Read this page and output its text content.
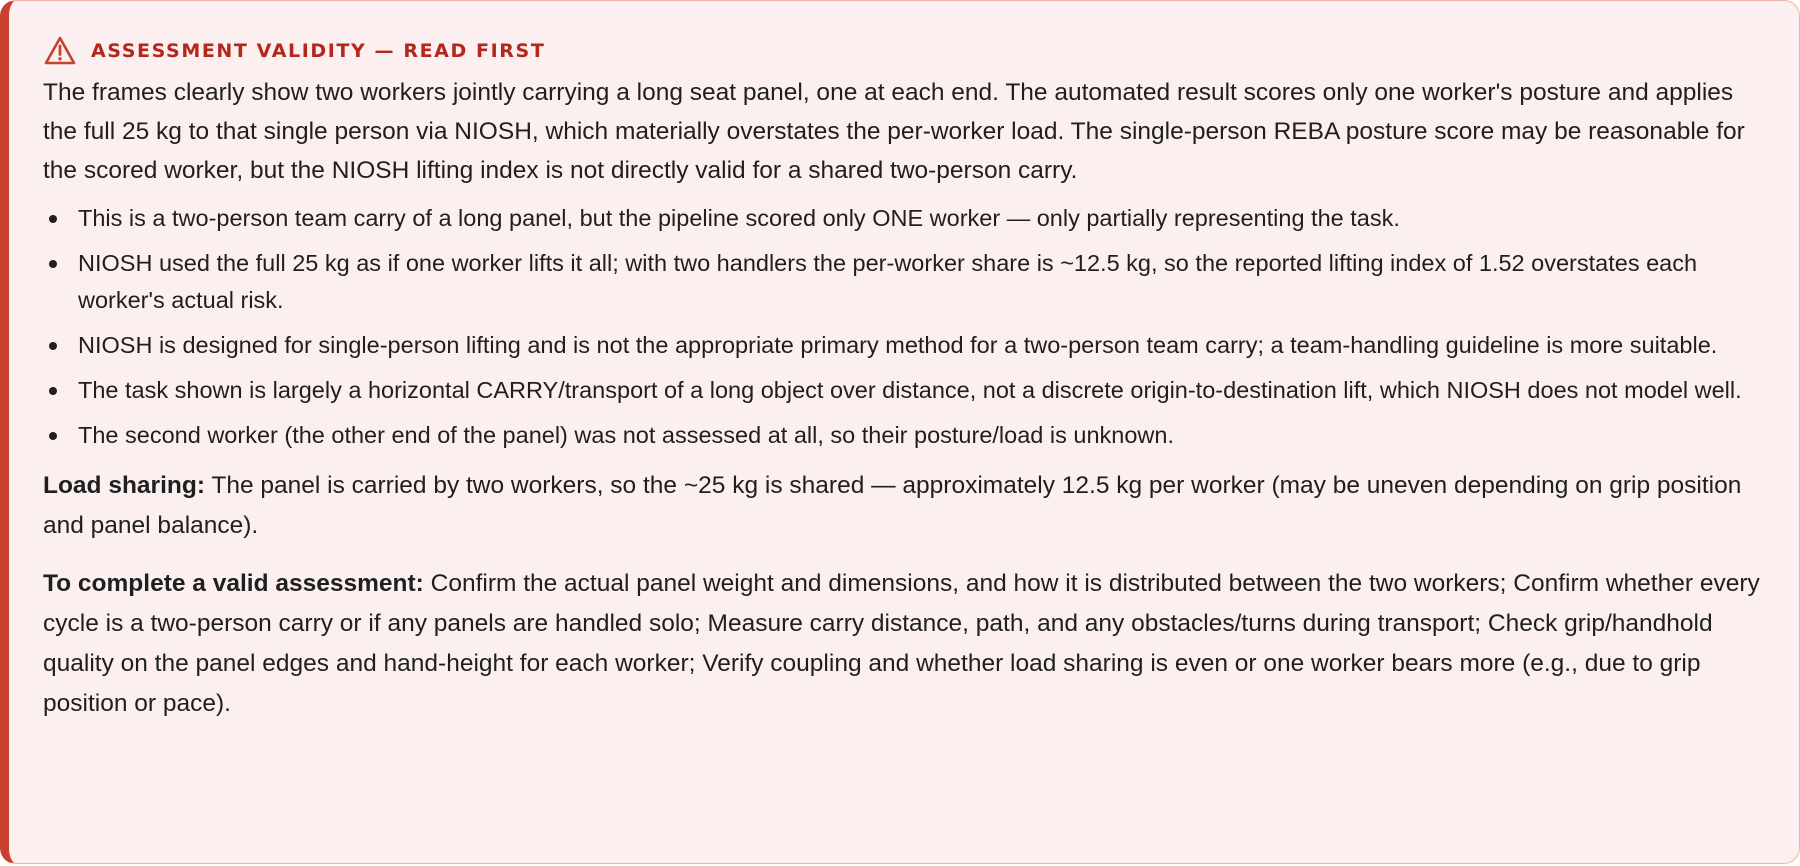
ASSESSMENT VALIDITY — READ FIRST

The frames clearly show two workers jointly carrying a long seat panel, one at each end. The automated result scores only one worker's posture and applies the full 25 kg to that single person via NIOSH, which materially overstates the per-worker load. The single-person REBA posture score may be reasonable for the scored worker, but the NIOSH lifting index is not directly valid for a shared two-person carry.

This is a two-person team carry of a long panel, but the pipeline scored only ONE worker — only partially representing the task.
NIOSH used the full 25 kg as if one worker lifts it all; with two handlers the per-worker share is ~12.5 kg, so the reported lifting index of 1.52 overstates each worker's actual risk.
NIOSH is designed for single-person lifting and is not the appropriate primary method for a two-person team carry; a team-handling guideline is more suitable.
The task shown is largely a horizontal CARRY/transport of a long object over distance, not a discrete origin-to-destination lift, which NIOSH does not model well.
The second worker (the other end of the panel) was not assessed at all, so their posture/load is unknown.

Load sharing: The panel is carried by two workers, so the ~25 kg is shared — approximately 12.5 kg per worker (may be uneven depending on grip position and panel balance).

To complete a valid assessment: Confirm the actual panel weight and dimensions, and how it is distributed between the two workers; Confirm whether every cycle is a two-person carry or if any panels are handled solo; Measure carry distance, path, and any obstacles/turns during transport; Check grip/handhold quality on the panel edges and hand-height for each worker; Verify coupling and whether load sharing is even or one worker bears more (e.g., due to grip position or pace).
